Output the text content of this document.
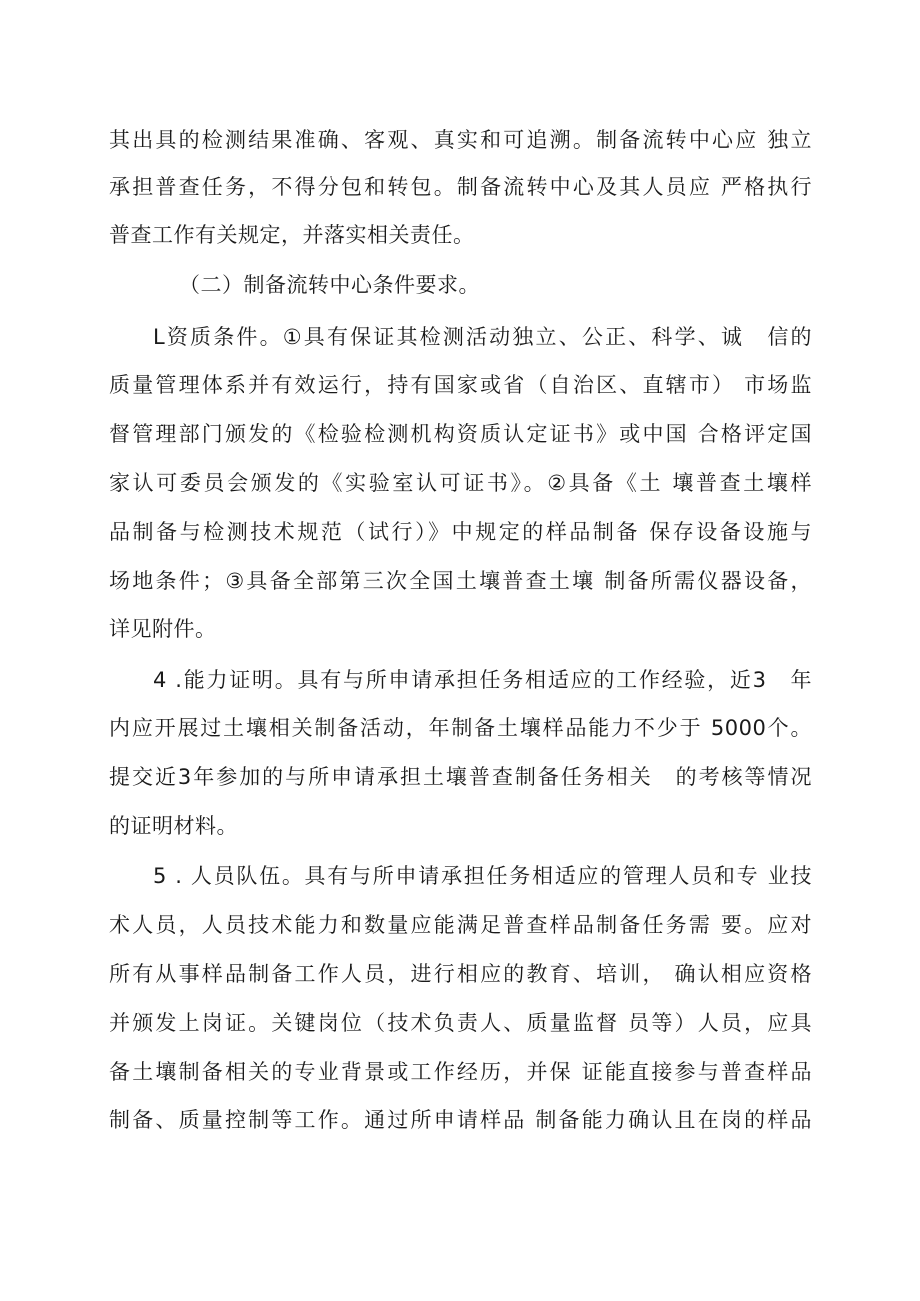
其出具的检测结果准确、客观、真实和可追溯。制备流转中心应 独立
承担普查任务，不得分包和转包。制备流转中心及其人员应 严格执行
普查工作有关规定，并落实相关责任。
（二）制备流转中心条件要求。
L资质条件。①具有保证其检测活动独立、公正、科学、诚　信的
质量管理体系并有效运行，持有国家或省（自治区、直辖市） 市场监
督管理部门颁发的《检验检测机构资质认定证书》或中国 合格评定国
家认可委员会颁发的《实验室认可证书》。②具备《土 壤普查土壤样
品制备与检测技术规范（试行）》中规定的样品制备 保存设备设施与
场地条件；③具备全部第三次全国土壤普查土壤 制备所需仪器设备，
详见附件。
4 .能力证明。具有与所申请承担任务相适应的工作经验，近3　年
内应开展过土壤相关制备活动，年制备土壤样品能力不少于 5000个。
提交近3年参加的与所申请承担土壤普查制备任务相关　的考核等情况
的证明材料。
5 . 人员队伍。具有与所申请承担任务相适应的管理人员和专 业技
术人员，人员技术能力和数量应能满足普查样品制备任务需 要。应对
所有从事样品制备工作人员，进行相应的教育、培训， 确认相应资格
并颁发上岗证。关键岗位（技术负责人、质量监督 员等）人员，应具
备土壤制备相关的专业背景或工作经历，并保 证能直接参与普查样品
制备、质量控制等工作。通过所申请样品 制备能力确认且在岗的样品
